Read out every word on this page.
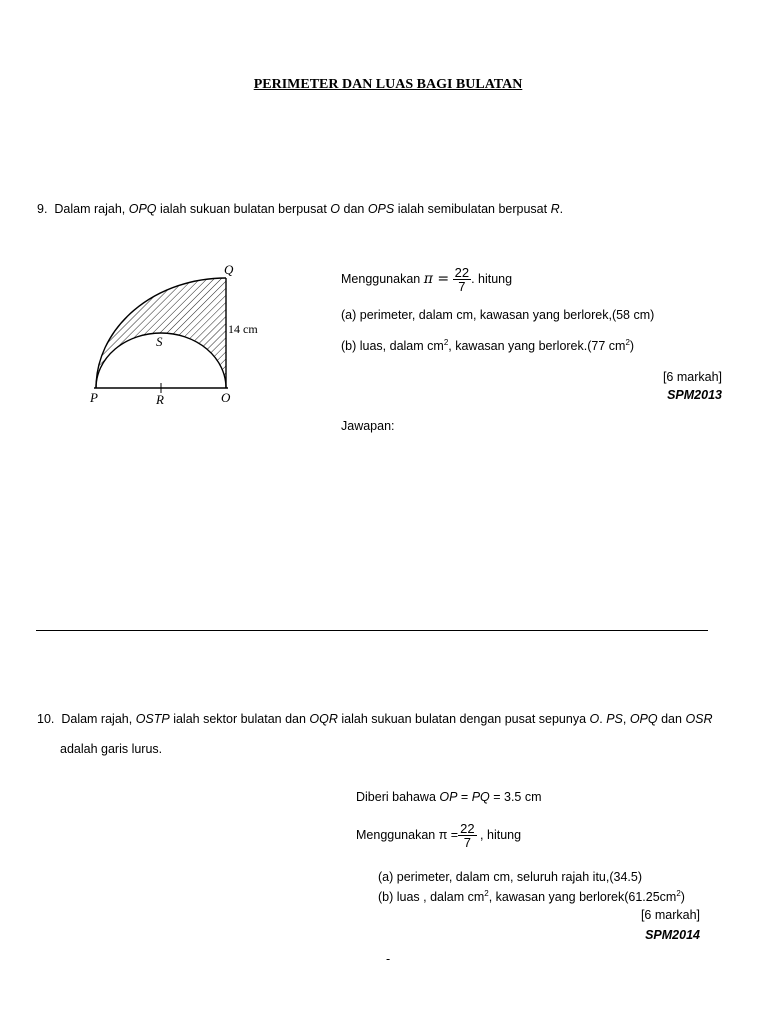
PERIMETER DAN LUAS BAGI BULATAN
9. Dalam rajah, OPQ ialah sukuan bulatan berpusat O dan OPS ialah semibulatan berpusat R.
Q
14 cm
S
P	R	O
Menggunakan $\pi = \frac{22}{7}$ . hitung
(a) perimeter, dalam cm, kawasan yang berlorek,(58 cm)
(b) luas, dalam $cm^2$, kawasan yang berlorek.(77 $cm^2$)
[6 markah]
SPM2013
Jawapan:
10. Dalam rajah, OSTP ialah sektor bulatan dan OQR ialah sukuan bulatan dengan pusat sepunya O. PS, OPQ dan OSR
adalah garis lurus.
Diberi bahawa OP = PQ = 3.5 cm
Menggunakan $\pi = \frac{22}{7}$ , hitung
(a) perimeter, dalam cm, seluruh rajah itu,(34.5)
(b) luas , dalam $cm^2$, kawasan yang $berlorek(61.25cm^2)$
[6 markah]
SPM2014
-
